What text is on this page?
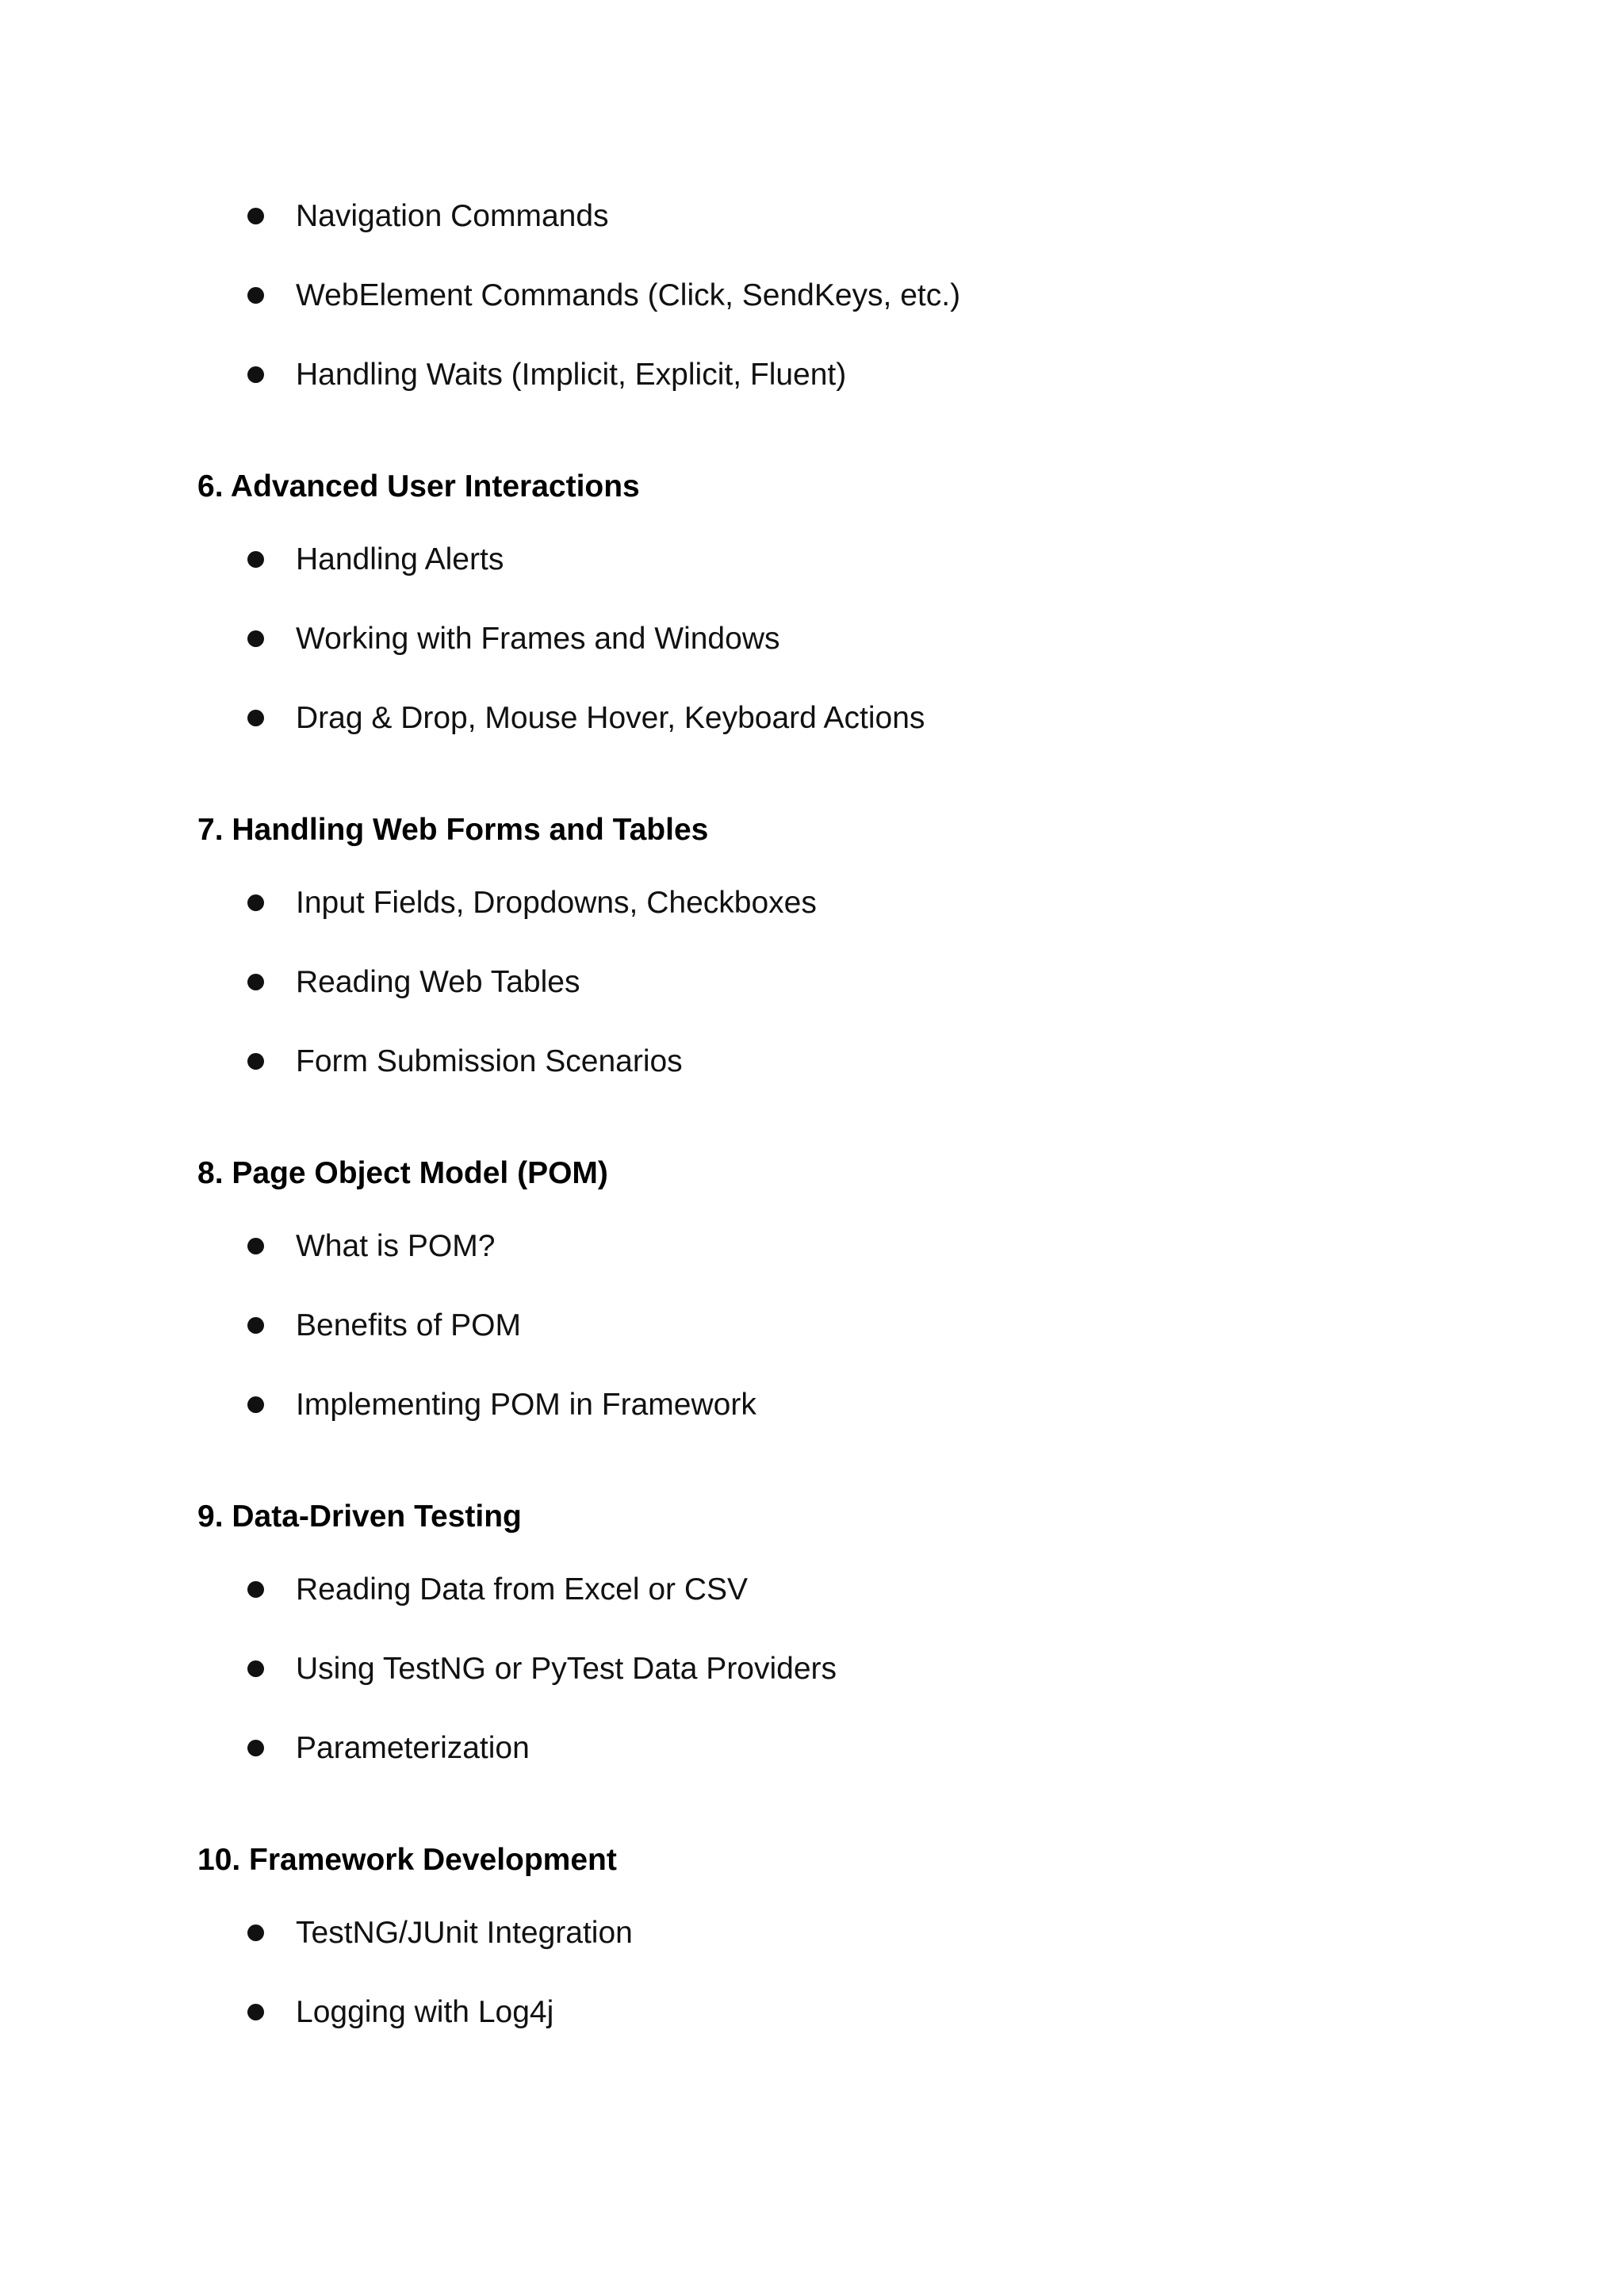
Navigation Commands
WebElement Commands (Click, SendKeys, etc.)
Handling Waits (Implicit, Explicit, Fluent)
6. Advanced User Interactions
Handling Alerts
Working with Frames and Windows
Drag & Drop, Mouse Hover, Keyboard Actions
7. Handling Web Forms and Tables
Input Fields, Dropdowns, Checkboxes
Reading Web Tables
Form Submission Scenarios
8. Page Object Model (POM)
What is POM?
Benefits of POM
Implementing POM in Framework
9. Data-Driven Testing
Reading Data from Excel or CSV
Using TestNG or PyTest Data Providers
Parameterization
10. Framework Development
TestNG/JUnit Integration
Logging with Log4j
